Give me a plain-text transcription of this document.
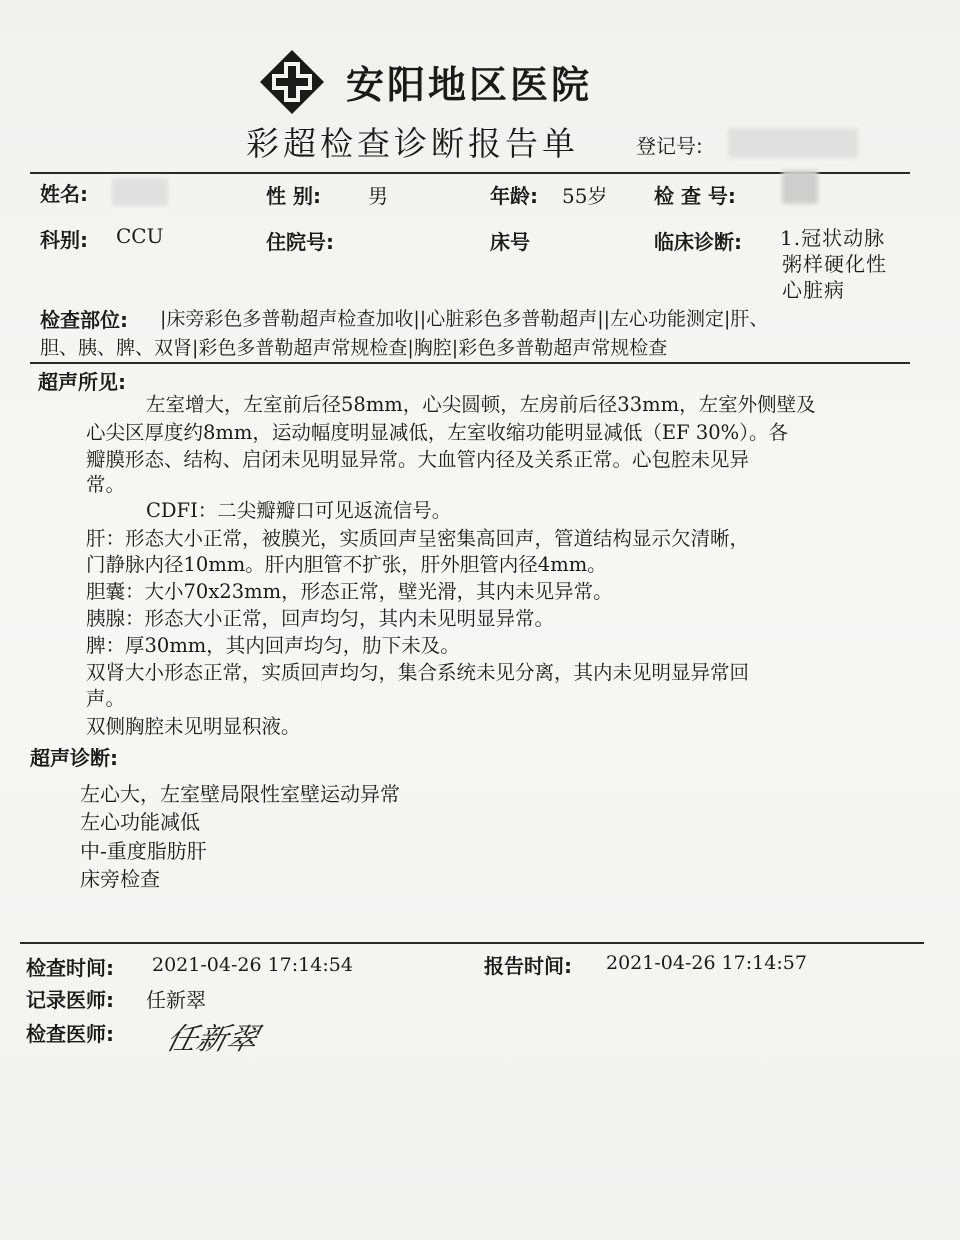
安阳地区医院
彩超检查诊断报告单	登记号:
姓名:	性 别: 男	年龄: 55岁 检 查 号:
科别: CCU	住院号:	床号	临床诊断: 1.冠状动脉
粥样硬化性
心脏病
检查部位: |床旁彩色多普勒超声检查加收||心脏彩色多普勒超声||左心功能测定|肝、
胆、胰、脾、双肾|彩色多普勒超声常规检查|胸腔|彩色多普勒超声常规检查
超声所见:
左室增大，左室前后径58mm，心尖圆顿，左房前后径33mm，左室外侧壁及
心尖区厚度约8mm，运动幅度明显减低，左室收缩功能明显减低（EF 30%）。各
瓣膜形态、结构、启闭未见明显异常。大血管内径及关系正常。心包腔未见异
常。
CDFI：二尖瓣瓣口可见返流信号。
肝：形态大小正常，被膜光，实质回声呈密集高回声，管道结构显示欠清晰，
门静脉内径10mm。肝内胆管不扩张，肝外胆管内径4mm。
胆囊：大小70x23mm，形态正常，壁光滑，其内未见异常。
胰腺：形态大小正常，回声均匀，其内未见明显异常。
脾：厚30mm，其内回声均匀，肋下未及。
双肾大小形态正常，实质回声均匀，集合系统未见分离，其内未见明显异常回
声。
双侧胸腔未见明显积液。
超声诊断:
左心大，左室壁局限性室壁运动异常
左心功能减低
中-重度脂肪肝
床旁检查
检查时间: 2021-04-26 17:14:54	报告时间: 2021-04-26 17:14:57
记录医师: 任新翠
检查医师: 任新翠
